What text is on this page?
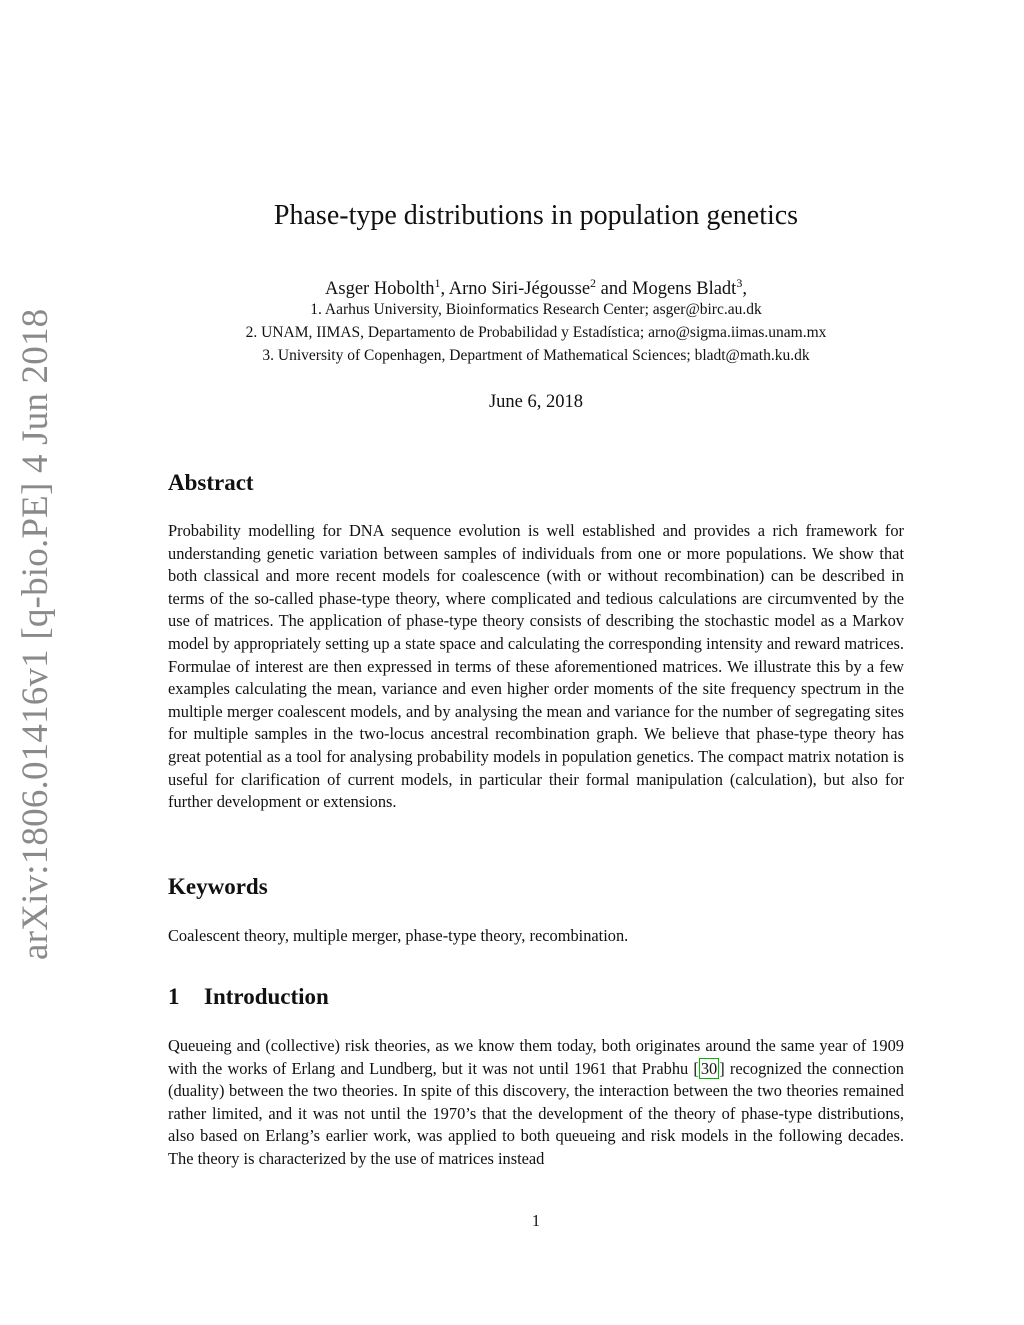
arXiv:1806.01416v1 [q-bio.PE] 4 Jun 2018
Phase-type distributions in population genetics
Asger Hobolth$^1$, Arno Siri-Jégousse$^2$ and Mogens Bladt$^3$,
1. Aarhus University, Bioinformatics Research Center; asger@birc.au.dk
2. UNAM, IIMAS, Departamento de Probabilidad y Estadística; arno@sigma.iimas.unam.mx
3. University of Copenhagen, Department of Mathematical Sciences; bladt@math.ku.dk
June 6, 2018
Abstract
Probability modelling for DNA sequence evolution is well established and provides a rich framework for understanding genetic variation between samples of individuals from one or more populations. We show that both classical and more recent models for coalescence (with or without recombination) can be described in terms of the so-called phase-type theory, where complicated and tedious calculations are circumvented by the use of matrices. The application of phase-type theory consists of describing the stochastic model as a Markov model by appropriately setting up a state space and calculating the corresponding intensity and reward matrices. Formulae of interest are then expressed in terms of these aforementioned matrices. We illustrate this by a few examples calculating the mean, variance and even higher order moments of the site frequency spectrum in the multiple merger coalescent models, and by analysing the mean and variance for the number of segregating sites for multiple samples in the two-locus ancestral recombination graph. We believe that phase-type theory has great potential as a tool for analysing probability models in population genetics. The compact matrix notation is useful for clarification of current models, in particular their formal manipulation (calculation), but also for further development or extensions.
Keywords
Coalescent theory, multiple merger, phase-type theory, recombination.
1 Introduction
Queueing and (collective) risk theories, as we know them today, both originates around the same year of 1909 with the works of Erlang and Lundberg, but it was not until 1961 that Prabhu [ 30 ] recognized the connection (duality) between the two theories. In spite of this discovery, the interaction between the two theories remained rather limited, and it was not until the 1970’s that the development of the theory of phase-type distributions, also based on Erlang’s earlier work, was applied to both queueing and risk models in the following decades. The theory is characterized by the use of matrices instead
1
